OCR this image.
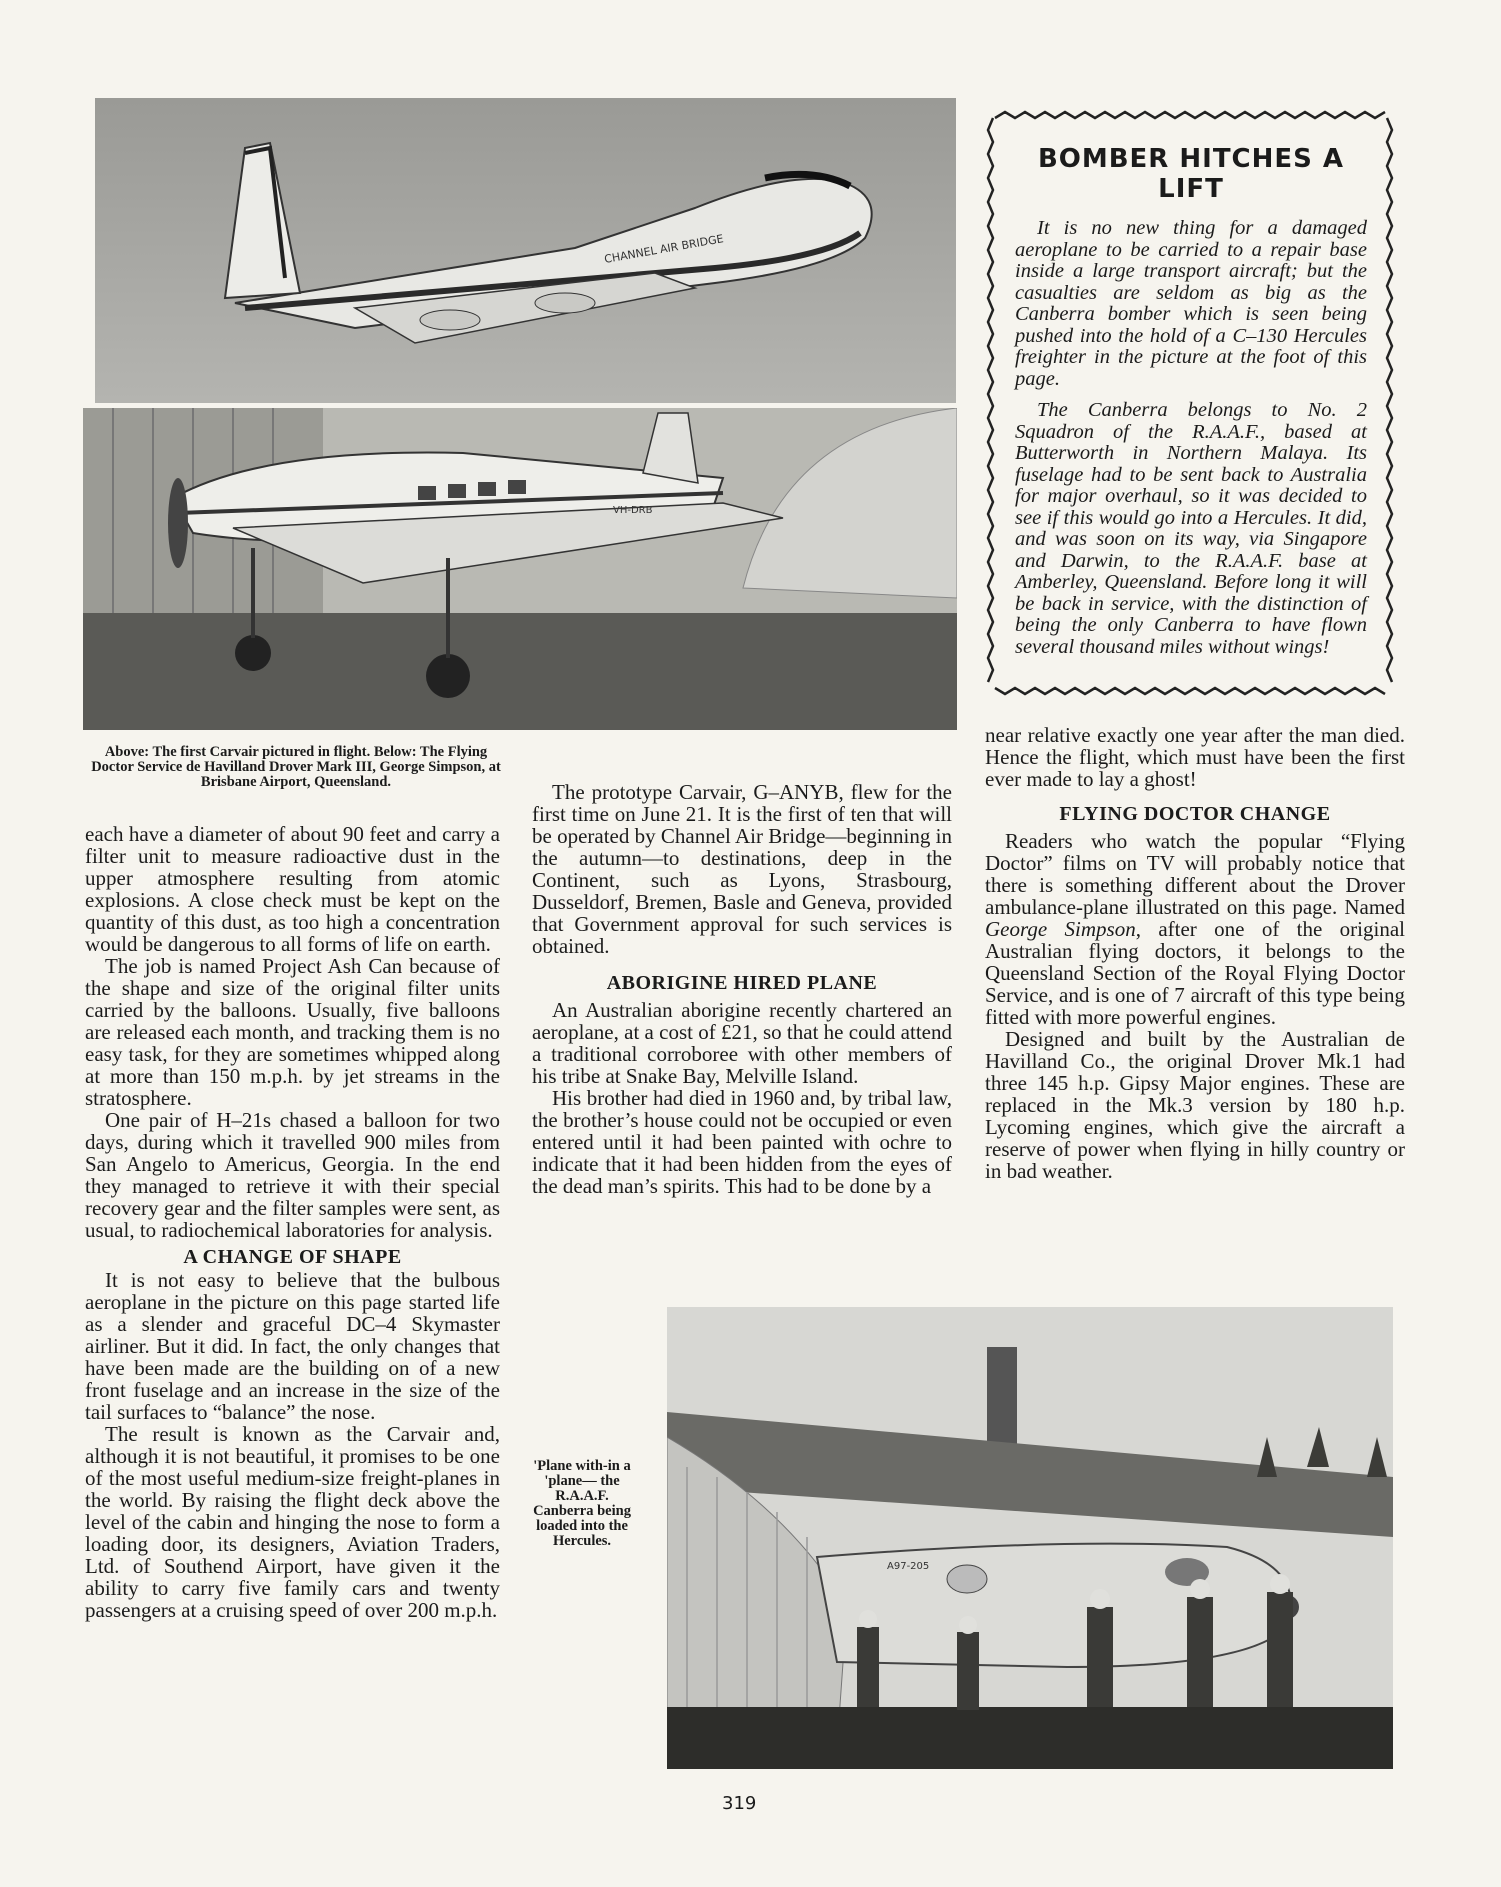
CHANNEL AIR BRIDGE
VH-DRB
BOMBER HITCHES A LIFT

It is no new thing for a damaged aeroplane to be carried to a repair base inside a large transport aircraft; but the casualties are seldom as big as the Canberra bomber which is seen being pushed into the hold of a C–130 Hercules freighter in the picture at the foot of this page.

The Canberra belongs to No. 2 Squadron of the R.A.A.F., based at Butterworth in Northern Malaya. Its fuselage had to be sent back to Australia for major overhaul, so it was decided to see if this would go into a Hercules. It did, and was soon on its way, via Singapore and Darwin, to the R.A.A.F. base at Amberley, Queensland. Before long it will be back in service, with the distinction of being the only Canberra to have flown several thousand miles without wings!

Above: The first Carvair pictured in flight. Below: The Flying Doctor Service de Havilland Drover Mark III, George Simpson, at Brisbane Airport, Queensland.

each have a diameter of about 90 feet and carry a filter unit to measure radioactive dust in the upper atmosphere resulting from atomic explosions. A close check must be kept on the quantity of this dust, as too high a concentration would be dangerous to all forms of life on earth.

The job is named Project Ash Can because of the shape and size of the original filter units carried by the balloons. Usually, five balloons are released each month, and tracking them is no easy task, for they are sometimes whipped along at more than 150 m.p.h. by jet streams in the stratosphere.

One pair of H–21s chased a balloon for two days, during which it travelled 900 miles from San Angelo to Americus, Georgia. In the end they managed to retrieve it with their special recovery gear and the filter samples were sent, as usual, to radiochemical laboratories for analysis.

A CHANGE OF SHAPE

It is not easy to believe that the bulbous aeroplane in the picture on this page started life as a slender and graceful DC–4 Skymaster airliner. But it did. In fact, the only changes that have been made are the building on of a new front fuselage and an increase in the size of the tail surfaces to “balance” the nose.

The result is known as the Carvair and, although it is not beautiful, it promises to be one of the most useful medium-size freight-planes in the world. By raising the flight deck above the level of the cabin and hinging the nose to form a loading door, its designers, Aviation Traders, Ltd. of Southend Airport, have given it the ability to carry five family cars and twenty passengers at a cruising speed of over 200 m.p.h.

The prototype Carvair, G–ANYB, flew for the first time on June 21. It is the first of ten that will be operated by Channel Air Bridge—beginning in the autumn—to destinations, deep in the Continent, such as Lyons, Strasbourg, Dusseldorf, Bremen, Basle and Geneva, provided that Government approval for such services is obtained.

ABORIGINE HIRED PLANE

An Australian aborigine recently chartered an aeroplane, at a cost of £21, so that he could attend a traditional corroboree with other members of his tribe at Snake Bay, Melville Island.

His brother had died in 1960 and, by tribal law, the brother’s house could not be occupied or even entered until it had been painted with ochre to indicate that it had been hidden from the eyes of the dead man’s spirits. This had to be done by a

near relative exactly one year after the man died. Hence the flight, which must have been the first ever made to lay a ghost!

FLYING DOCTOR CHANGE

Readers who watch the popular “Flying Doctor” films on TV will probably notice that there is something different about the Drover ambulance-plane illustrated on this page. Named George Simpson, after one of the original Australian flying doctors, it belongs to the Queensland Section of the Royal Flying Doctor Service, and is one of 7 aircraft of this type being fitted with more powerful engines.

Designed and built by the Australian de Havilland Co., the original Drover Mk.1 had three 145 h.p. Gipsy Major engines. These are replaced in the Mk.3 version by 180 h.p. Lycoming engines, which give the aircraft a reserve of power when flying in hilly country or in bad weather.

'Plane with-in a 'plane— the R.A.A.F. Canberra being loaded into the Hercules.
A97-205
319
